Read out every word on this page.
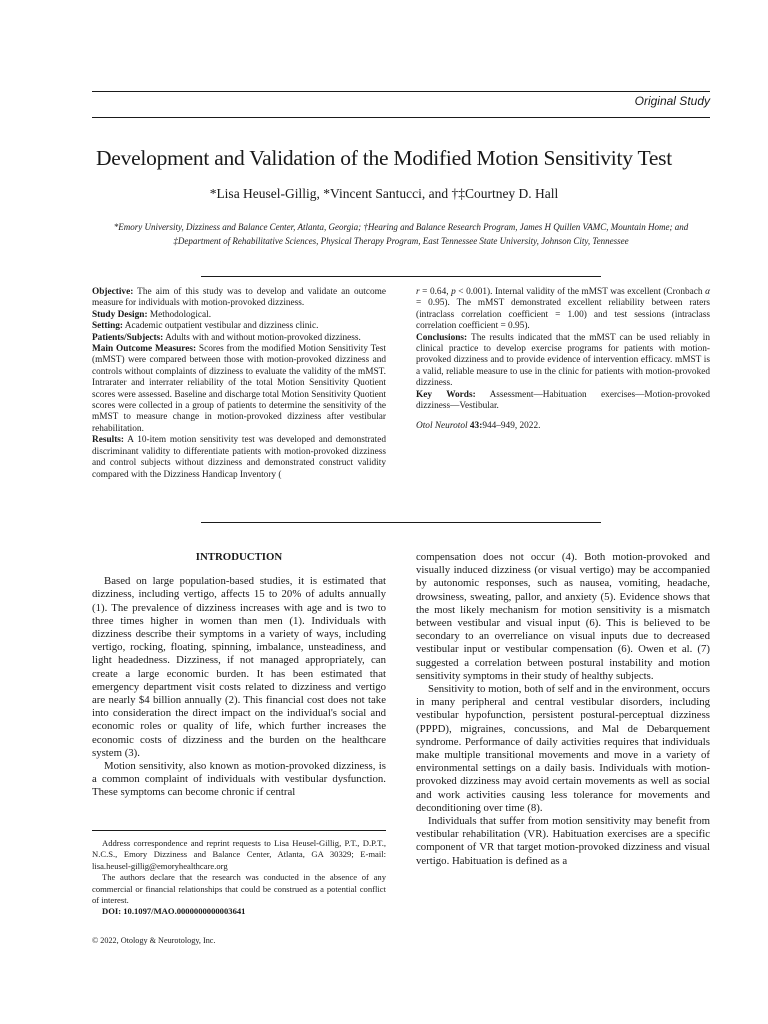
Original Study
Development and Validation of the Modified Motion Sensitivity Test
*Lisa Heusel-Gillig, *Vincent Santucci, and †‡Courtney D. Hall
*Emory University, Dizziness and Balance Center, Atlanta, Georgia; †Hearing and Balance Research Program, James H Quillen VAMC, Mountain Home; and ‡Department of Rehabilitative Sciences, Physical Therapy Program, East Tennessee State University, Johnson City, Tennessee

Objective: The aim of this study was to develop and validate an outcome measure for individuals with motion-provoked dizziness.

Study Design: Methodological.

Setting: Academic outpatient vestibular and dizziness clinic.

Patients/Subjects: Adults with and without motion-provoked dizziness.

Main Outcome Measures: Scores from the modified Motion Sensitivity Test (mMST) were compared between those with motion-provoked dizziness and controls without complaints of dizziness to evaluate the validity of the mMST. Intrarater and interrater reliability of the total Motion Sensitivity Quotient scores were assessed. Baseline and discharge total Motion Sensitivity Quotient scores were collected in a group of patients to determine the sensitivity of the mMST to measure change in motion-provoked dizziness after vestibular rehabilitation.

Results: A 10-item motion sensitivity test was developed and demonstrated discriminant validity to differentiate patients with motion-provoked dizziness and control subjects without dizziness and demonstrated construct validity compared with the Dizziness Handicap Inventory (

r = 0.64, p < 0.001). Internal validity of the mMST was excellent (Cronbach α = 0.95). The mMST demonstrated excellent reliability between raters (intraclass correlation coefficient = 1.00) and test sessions (intraclass correlation coefficient = 0.95).

Conclusions: The results indicated that the mMST can be used reliably in clinical practice to develop exercise programs for patients with motion-provoked dizziness and to provide evidence of intervention efficacy. mMST is a valid, reliable measure to use in the clinic for patients with motion-provoked dizziness.

Key Words: Assessment—Habituation exercises—Motion-provoked dizziness—Vestibular.

Otol Neurotol 43:944–949, 2022.

INTRODUCTION

Based on large population-based studies, it is estimated that dizziness, including vertigo, affects 15 to 20% of adults annually (1). The prevalence of dizziness increases with age and is two to three times higher in women than men (1). Individuals with dizziness describe their symptoms in a variety of ways, including vertigo, rocking, floating, spinning, imbalance, unsteadiness, and light headedness. Dizziness, if not managed appropriately, can create a large economic burden. It has been estimated that emergency department visit costs related to dizziness and vertigo are nearly $4 billion annually (2). This financial cost does not take into consideration the direct impact on the individual's social and economic roles or quality of life, which further increases the economic costs of dizziness and the burden on the healthcare system (3).

Motion sensitivity, also known as motion-provoked dizziness, is a common complaint of individuals with vestibular dysfunction. These symptoms can become chronic if central

Address correspondence and reprint requests to Lisa Heusel-Gillig, P.T., D.P.T., N.C.S., Emory Dizziness and Balance Center, Atlanta, GA 30329; E-mail: lisa.heusel-gillig@emoryhealthcare.org

The authors declare that the research was conducted in the absence of any commercial or financial relationships that could be construed as a potential conflict of interest.

DOI: 10.1097/MAO.0000000000003641

compensation does not occur (4). Both motion-provoked and visually induced dizziness (or visual vertigo) may be accompanied by autonomic responses, such as nausea, vomiting, headache, drowsiness, sweating, pallor, and anxiety (5). Evidence shows that the most likely mechanism for motion sensitivity is a mismatch between vestibular and visual input (6). This is believed to be secondary to an overreliance on visual inputs due to decreased vestibular input or vestibular compensation (6). Owen et al. (7) suggested a correlation between postural instability and motion sensitivity symptoms in their study of healthy subjects.

Sensitivity to motion, both of self and in the environment, occurs in many peripheral and central vestibular disorders, including vestibular hypofunction, persistent postural-perceptual dizziness (PPPD), migraines, concussions, and Mal de Debarquement syndrome. Performance of daily activities requires that individuals make multiple transitional movements and move in a variety of environmental settings on a daily basis. Individuals with motion-provoked dizziness may avoid certain movements as well as social and work activities causing less tolerance for movements and deconditioning over time (8).

Individuals that suffer from motion sensitivity may benefit from vestibular rehabilitation (VR). Habituation exercises are a specific component of VR that target motion-provoked dizziness and visual vertigo. Habituation is defined as a

© 2022, Otology & Neurotology, Inc.
